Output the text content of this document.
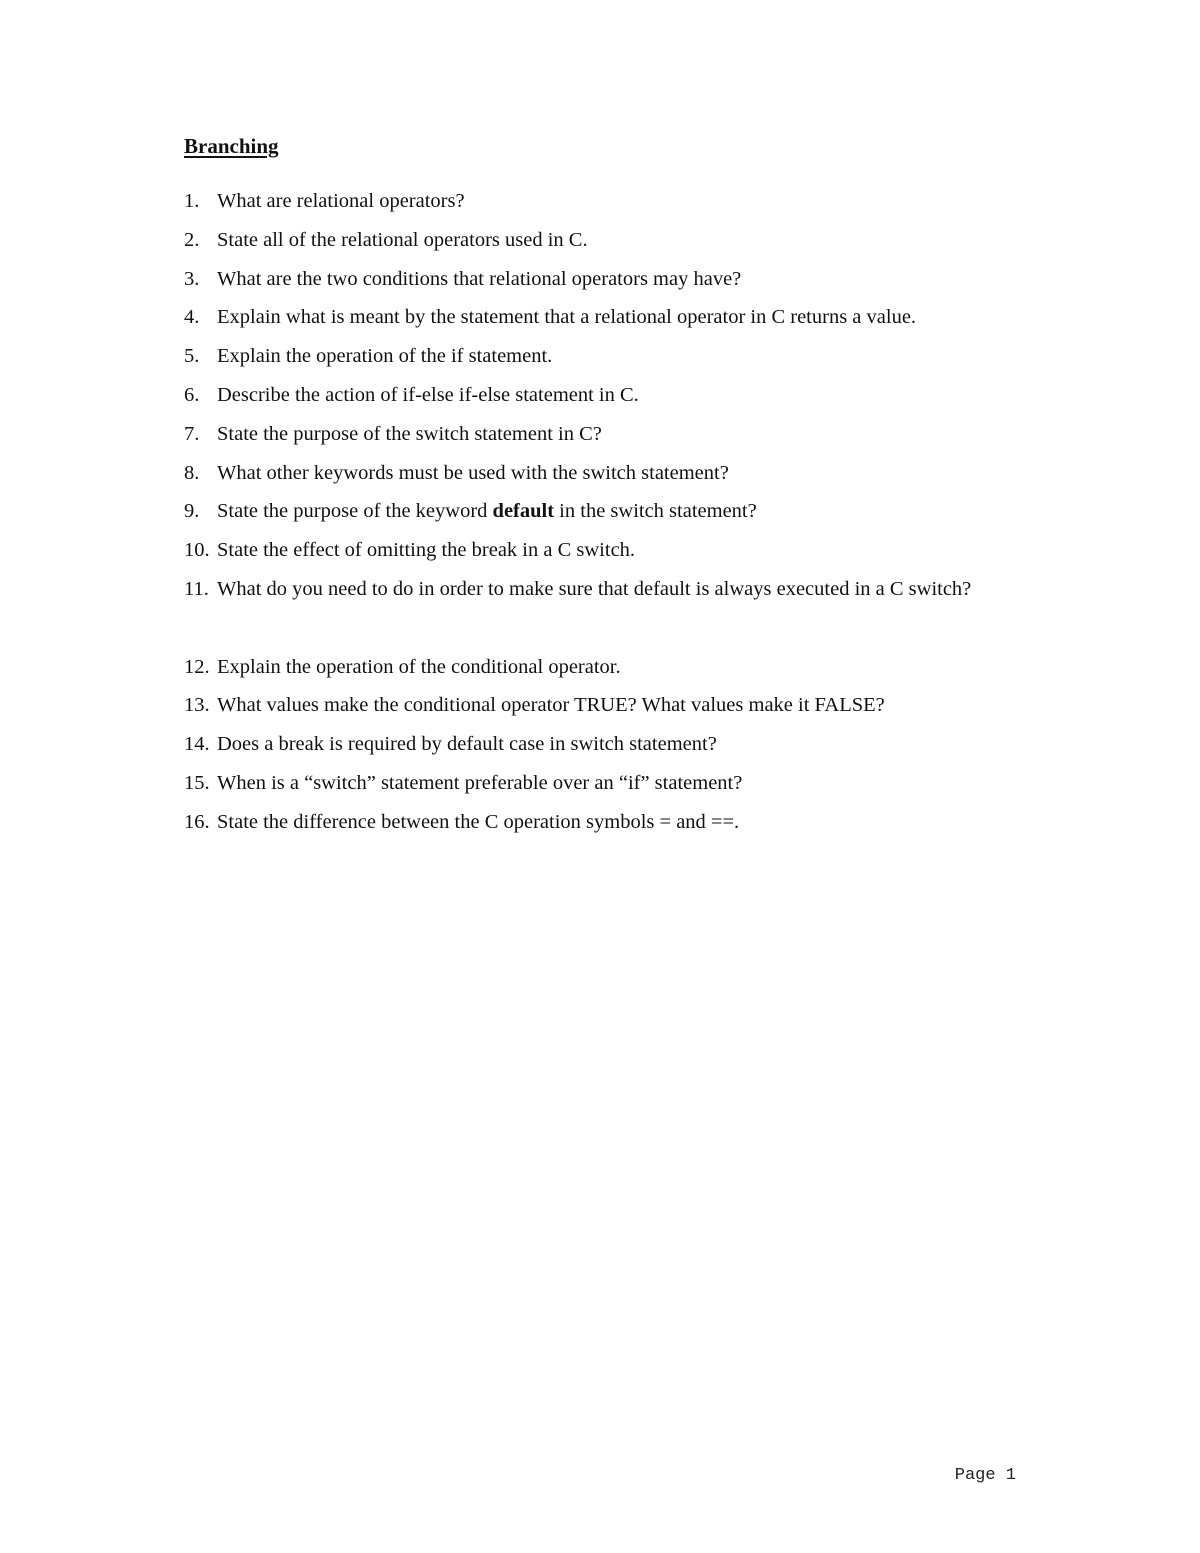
Branching
1. What are relational operators?
2. State all of the relational operators used in C.
3. What are the two conditions that relational operators may have?
4. Explain what is meant by the statement that a relational operator in C returns a value.
5. Explain the operation of the if statement.
6. Describe the action of if-else if-else statement in C.
7. State the purpose of the switch statement in C?
8. What other keywords must be used with the switch statement?
9. State the purpose of the keyword default in the switch statement?
10. State the effect of omitting the break in a C switch.
11. What do you need to do in order to make sure that default is always executed in a C switch?
12. Explain the operation of the conditional operator.
13. What values make the conditional operator TRUE? What values make it FALSE?
14. Does a break is required by default case in switch statement?
15. When is a “switch” statement preferable over an “if” statement?
16. State the difference between the C operation symbols = and ==.
Page 1
